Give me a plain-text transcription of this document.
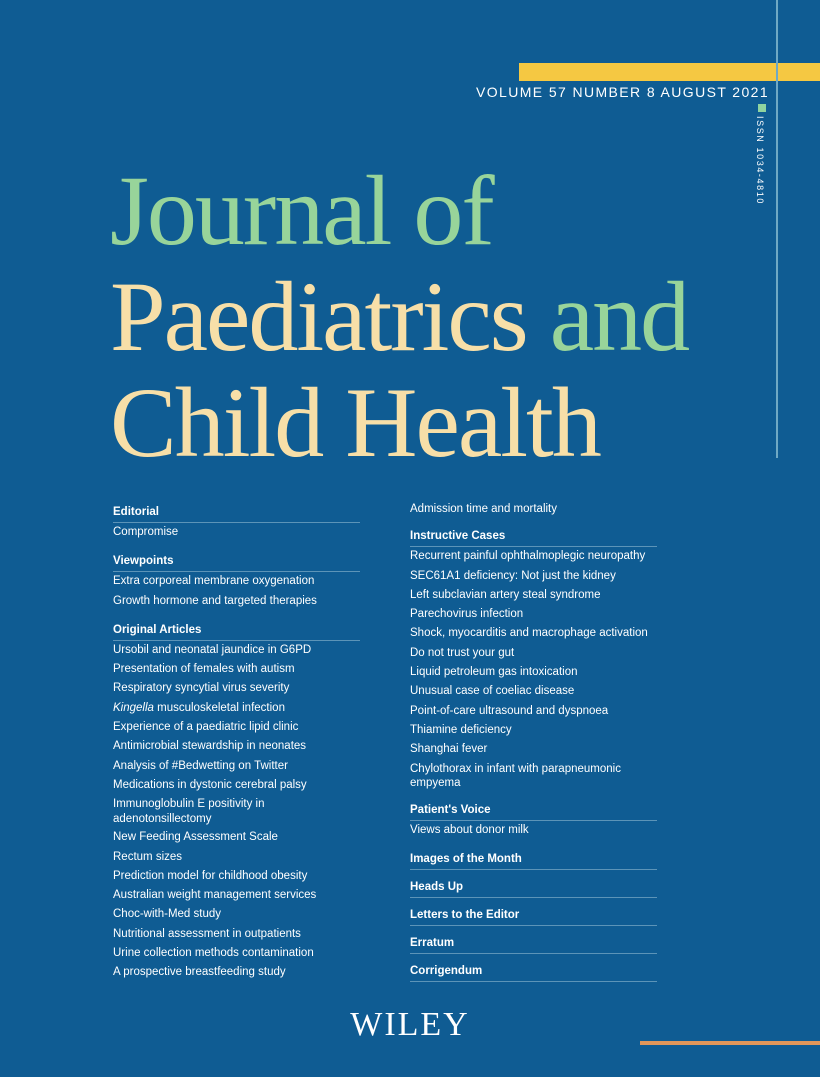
VOLUME 57 NUMBER 8 AUGUST 2021
ISSN 1034-4810
Journal of
Paediatrics and
Child Health
Editorial
Compromise
Viewpoints
Extra corporeal membrane oxygenation
Growth hormone and targeted therapies
Original Articles
Ursobil and neonatal jaundice in G6PD
Presentation of females with autism
Respiratory syncytial virus severity
Kingella musculoskeletal infection
Experience of a paediatric lipid clinic
Antimicrobial stewardship in neonates
Analysis of #Bedwetting on Twitter
Medications in dystonic cerebral palsy
Immunoglobulin E positivity in adenotonsillectomy
New Feeding Assessment Scale
Rectum sizes
Prediction model for childhood obesity
Australian weight management services
Choc-with-Med study
Nutritional assessment in outpatients
Urine collection methods contamination
A prospective breastfeeding study
Admission time and mortality
Instructive Cases
Recurrent painful ophthalmoplegic neuropathy
SEC61A1 deficiency: Not just the kidney
Left subclavian artery steal syndrome
Parechovirus infection
Shock, myocarditis and macrophage activation
Do not trust your gut
Liquid petroleum gas intoxication
Unusual case of coeliac disease
Point-of-care ultrasound and dyspnoea
Thiamine deficiency
Shanghai fever
Chylothorax in infant with parapneumonic empyema
Patient's Voice
Views about donor milk
Images of the Month
Heads Up
Letters to the Editor
Erratum
Corrigendum
WILEY
